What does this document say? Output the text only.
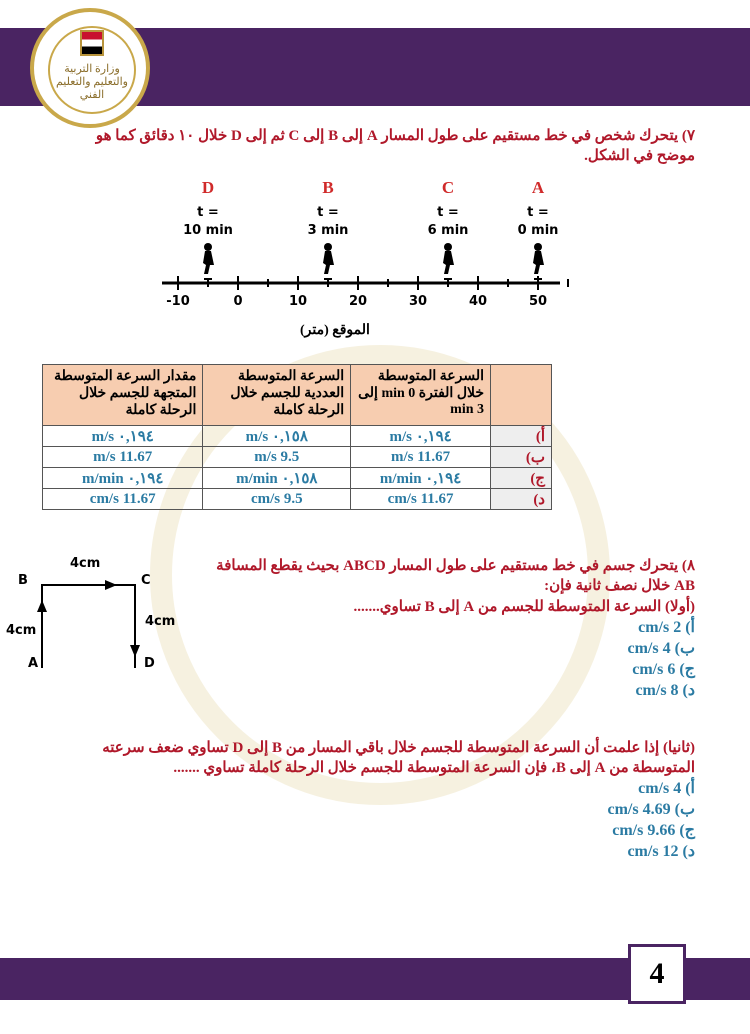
وزارة التربية والتعليم والتعليم الفني
٧) يتحرك شخص في خط مستقيم على طول المسار A إلى B إلى C ثم إلى D خلال ١٠ دقائق كما هو موضح في الشكل.
D
t =
10 min
B
t =
3 min
C
t =
6 min
A
t =
0 min
-10	0	10	20	30	40	50
الموقع (متر)
	السرعة المتوسطة خلال الفترة 0 min إلى 3 min	السرعة المتوسطة العددية للجسم خلال الرحلة كاملة	مقدار السرعة المتوسطة المتجهة للجسم خلال الرحلة كاملة
أ)	٠,١٩٤ m/s	٠,١٥٨ m/s	٠,١٩٤ m/s
ب)	11.67 m/s	9.5 m/s	11.67 m/s
ج)	٠,١٩٤ m/min	٠,١٥٨ m/min	٠,١٩٤ m/min
د)	11.67 cm/s	9.5 cm/s	11.67 cm/s
B	C
A	D
4cm
4cm
4cm
٨) يتحرك جسم في خط مستقيم على طول المسار ABCD بحيث يقطع المسافة AB خلال نصف ثانية فإن:
(أولا) السرعة المتوسطة للجسم من A إلى B تساوي.......
أ) 2 cm/s
ب) 4 cm/s
ج) 6 cm/s
د) 8 cm/s
(ثانيا) إذا علمت أن السرعة المتوسطة للجسم خلال باقي المسار من B إلى D تساوي ضعف سرعته المتوسطة من A إلى B، فإن السرعة المتوسطة للجسم خلال الرحلة كاملة تساوي .......
أ) 4 cm/s
ب) 4.69 cm/s
ج) 9.66 cm/s
د) 12 cm/s
4
